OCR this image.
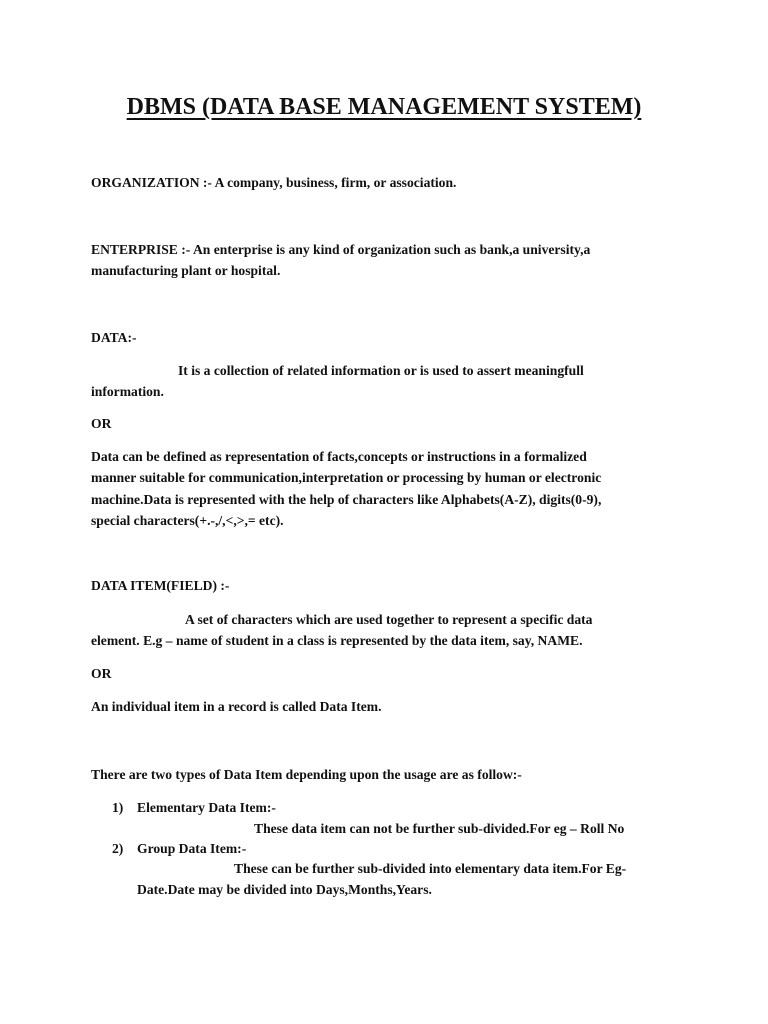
DBMS (DATA BASE MANAGEMENT SYSTEM)
ORGANIZATION :- A company, business, firm, or association.
ENTERPRISE :- An enterprise is any kind of organization such as bank,a university,a
manufacturing plant or hospital.
DATA:-
It is a collection of related information or is used to assert meaningfull
information.
OR
Data can be defined as representation of facts,concepts or instructions in a formalized
manner suitable for communication,interpretation or processing by human or electronic
machine.Data is represented with the help of characters like Alphabets(A-Z), digits(0-9),
special characters(+.-,/,<,>,= etc).
DATA ITEM(FIELD) :-
A set of characters which are used together to represent a specific data
element. E.g – name of student in a class is represented by the data item, say, NAME.
OR
An individual item in a record is called Data Item.
There are two types of Data Item depending upon the usage are as follow:-
1) Elementary Data Item:-
These data item can not be further sub-divided.For eg – Roll No
2) Group Data Item:-
These can be further sub-divided into elementary data item.For Eg-
Date.Date may be divided into Days,Months,Years.
